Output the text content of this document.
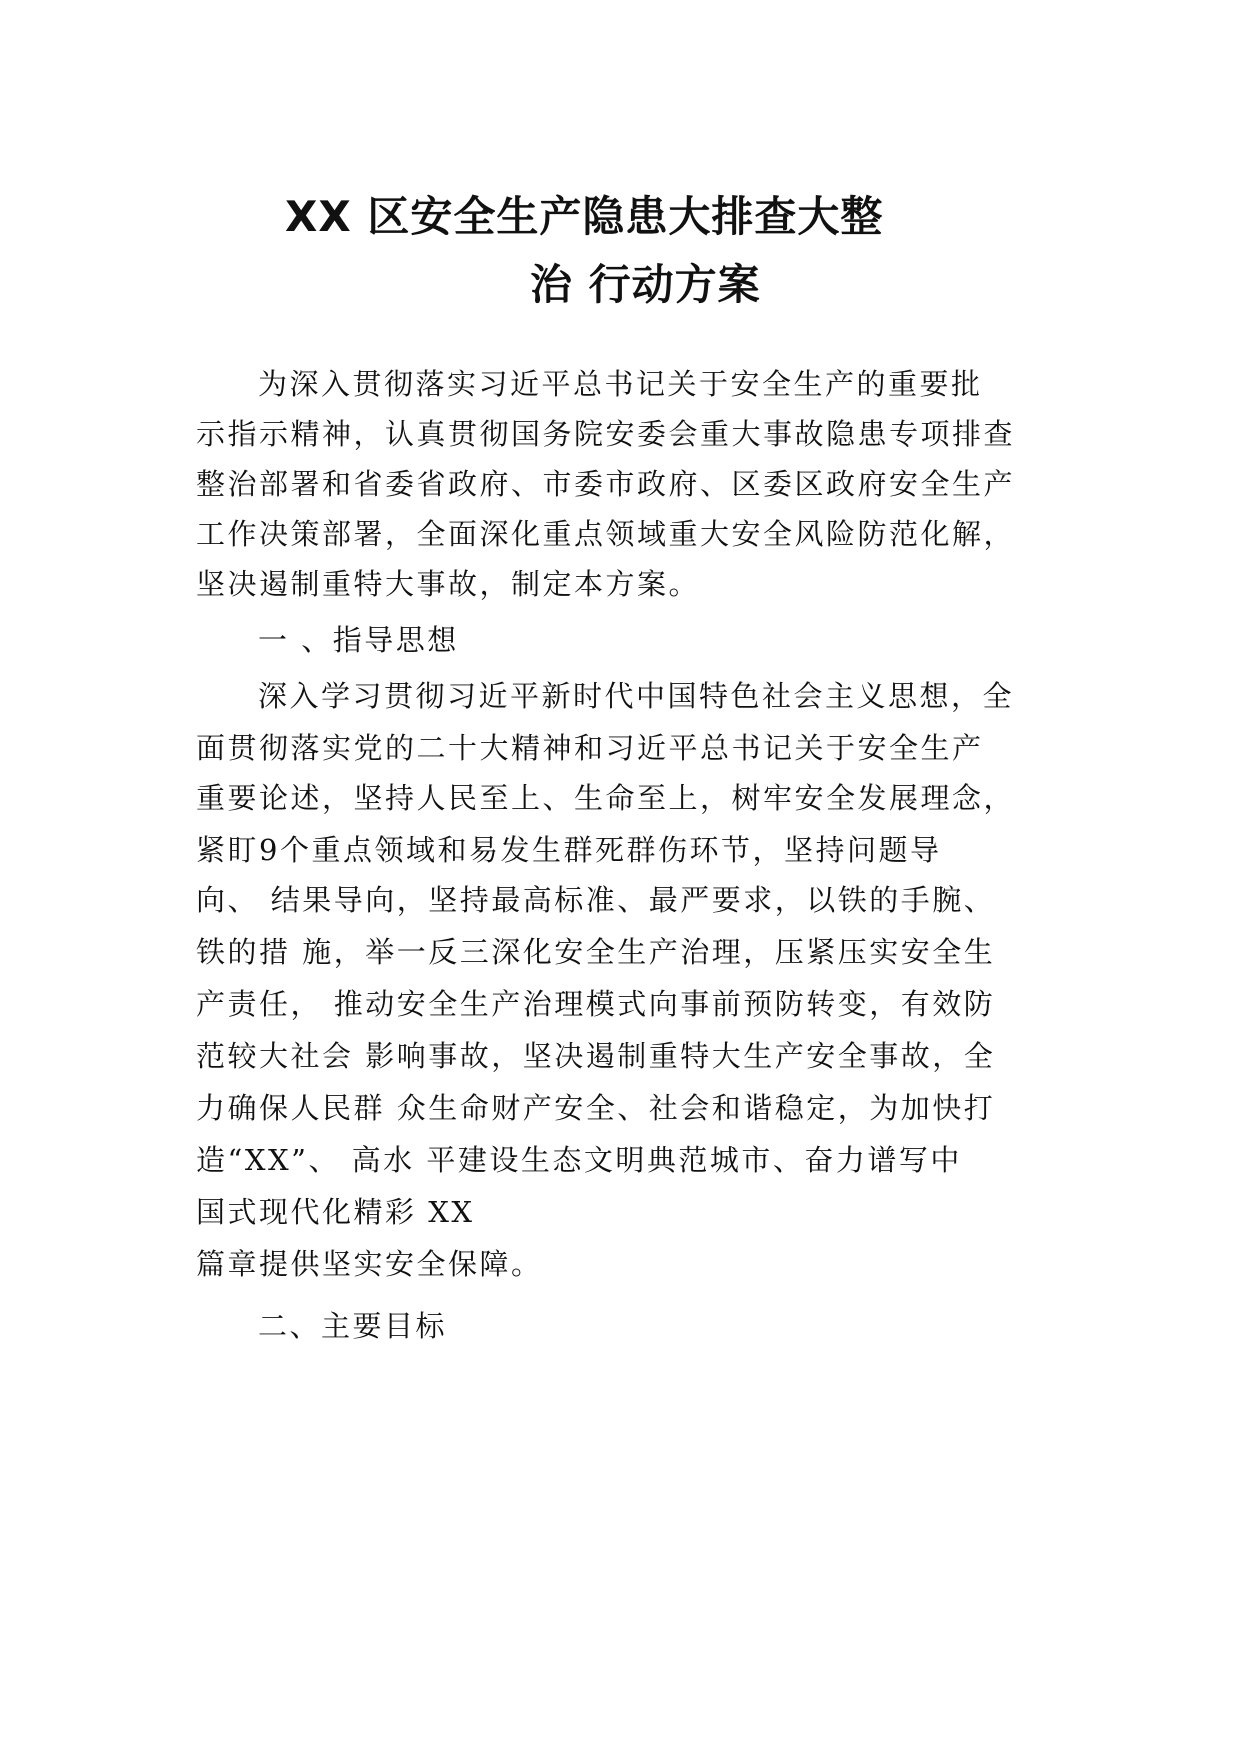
XX 区安全生产隐患大排查大整
治 行动方案
为深入贯彻落实习近平总书记关于安全生产的重要批
示指示精神，认真贯彻国务院安委会重大事故隐患专项排查
整治部署和省委省政府、市委市政府、区委区政府安全生产
工作决策部署，全面深化重点领域重大安全风险防范化解，
坚决遏制重特大事故，制定本方案。
一 、指导思想
深入学习贯彻习近平新时代中国特色社会主义思想，全
面贯彻落实党的二十大精神和习近平总书记关于安全生产
重要论述，坚持人民至上、生命至上，树牢安全发展理念，
紧盯9个重点领域和易发生群死群伤环节，坚持问题导
向、 结果导向，坚持最高标准、最严要求，以铁的手腕、
铁的措 施，举一反三深化安全生产治理，压紧压实安全生
产责任， 推动安全生产治理模式向事前预防转变，有效防
范较大社会 影响事故，坚决遏制重特大生产安全事故，全
力确保人民群 众生命财产安全、社会和谐稳定，为加快打
造“XX”、 高水 平建设生态文明典范城市、奋力谱写中
国式现代化精彩 XX
篇章提供坚实安全保障。
二、主要目标
